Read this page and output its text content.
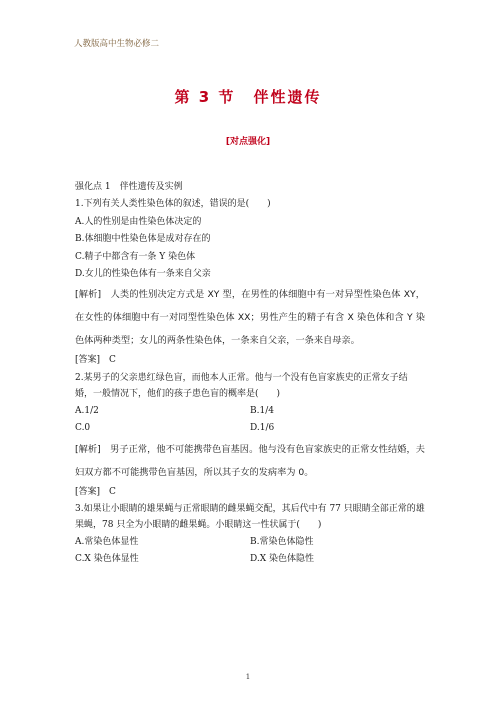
人教版高中生物必修二
第 3 节 伴性遗传
[对点强化]
强化点 1　伴性遗传及实例
1.下列有关人类性染色体的叙述，错误的是(　　)
A.人的性别是由性染色体决定的
B.体细胞中性染色体是成对存在的
C.精子中都含有一条 Y 染色体
D.女儿的性染色体有一条来自父亲
[解析]　人类的性别决定方式是 XY 型，在男性的体细胞中有一对异型性染色体 XY，在女性的体细胞中有一对同型性染色体 XX；男性产生的精子有含 X 染色体和含 Y 染色体两种类型；女儿的两条性染色体，一条来自父亲，一条来自母亲。
[答案]　C
2.某男子的父亲患红绿色盲，而他本人正常。他与一个没有色盲家族史的正常女子结婚，一般情况下，他们的孩子患色盲的概率是(　　)
A.1/2	B.1/4
C.0	D.1/6
[解析]　男子正常，他不可能携带色盲基因。他与没有色盲家族史的正常女性结婚，夫妇双方都不可能携带色盲基因，所以其子女的发病率为 0。
[答案]　C
3.如果让小眼睛的雄果蝇与正常眼睛的雌果蝇交配，其后代中有 77 只眼睛全部正常的雄果蝇，78 只全为小眼睛的雌果蝇。小眼睛这一性状属于(　　)
A.常染色体显性	B.常染色体隐性
C.X 染色体显性	D.X 染色体隐性
1
